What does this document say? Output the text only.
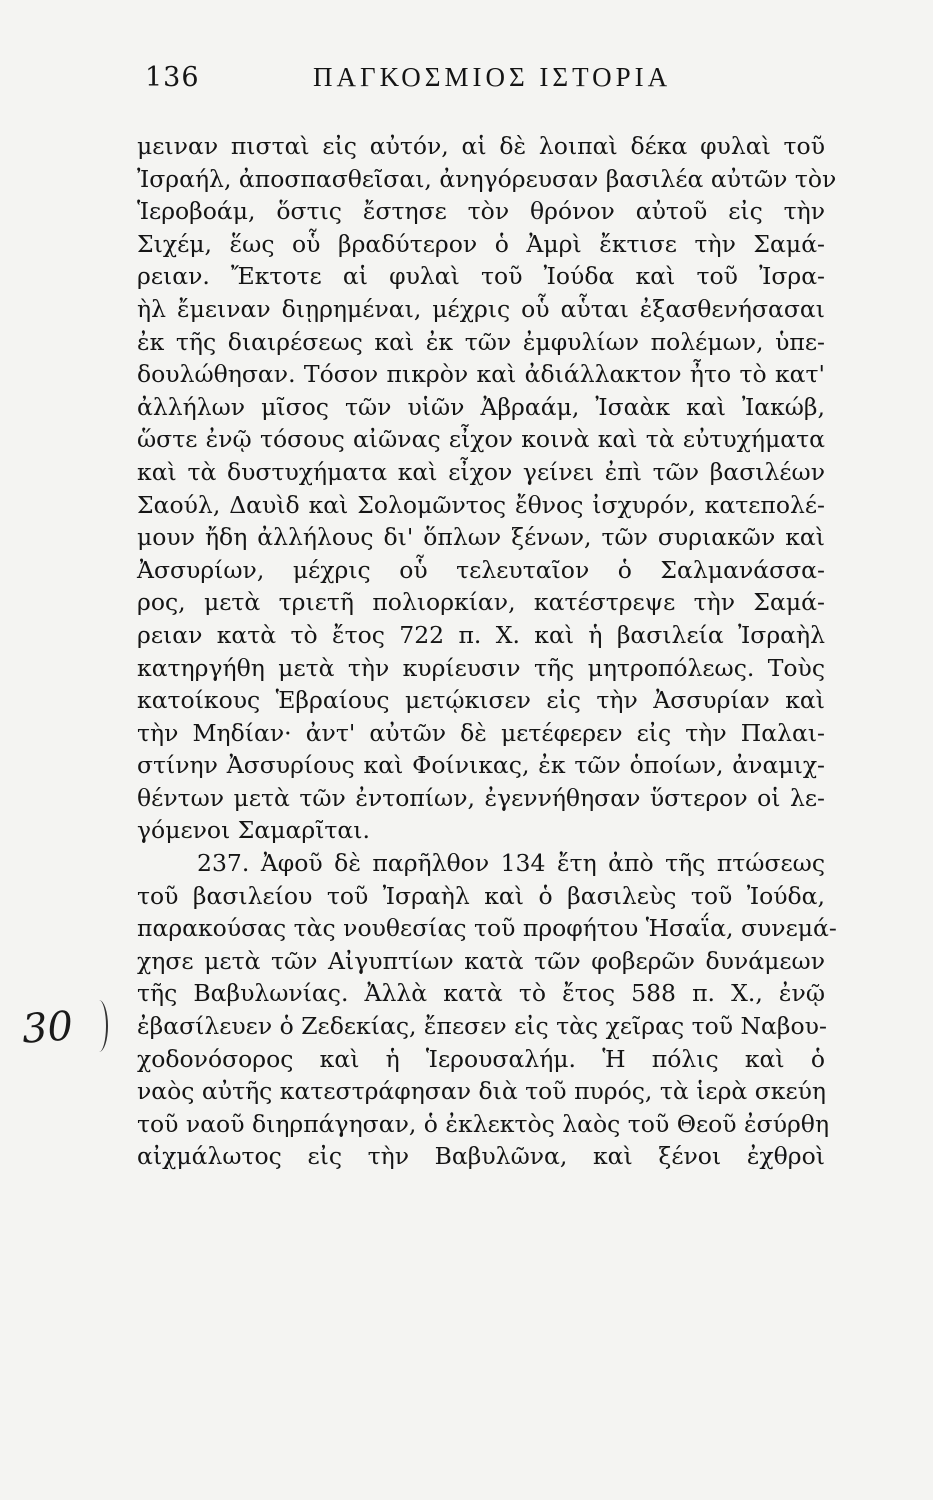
136	ΠΑΓΚΟΣΜΙΟΣ ΙΣΤΟΡΙΑ
30
μειναν πισταὶ εἰς αὐτόν, αἱ δὲ λοιπαὶ δέκα φυλαὶ τοῦ
Ἰσραήλ, ἀποσπασθεῖσαι, ἀνηγόρευσαν βασιλέα αὐτῶν τὸν
Ἱεροβοάμ, ὅστις ἔστησε τὸν θρόνον αὐτοῦ εἰς τὴν
Σιχέμ, ἕως οὗ βραδύτερον ὁ Ἀμρὶ ἔκτισε τὴν Σαμά-
ρειαν. Ἔκτοτε αἱ φυλαὶ τοῦ Ἰούδα καὶ τοῦ Ἰσρα-
ὴλ ἔμειναν διῃρημέναι, μέχρις οὗ αὗται ἐξασθενήσασαι
ἐκ τῆς διαιρέσεως καὶ ἐκ τῶν ἐμφυλίων πολέμων, ὑπε-
δουλώθησαν. Τόσον πικρὸν καὶ ἀδιάλλακτον ἦτο τὸ κατ'
ἀλλήλων μῖσος τῶν υἱῶν Ἀβραάμ, Ἰσαὰκ καὶ Ἰακώβ,
ὥστε ἐνῷ τόσους αἰῶνας εἶχον κοινὰ καὶ τὰ εὐτυχήματα
καὶ τὰ δυστυχήματα καὶ εἶχον γείνει ἐπὶ τῶν βασιλέων
Σαούλ, Δαυὶδ καὶ Σολομῶντος ἔθνος ἰσχυρόν, κατεπολέ-
μουν ἤδη ἀλλήλους δι' ὅπλων ξένων, τῶν συριακῶν καὶ
Ἀσσυρίων, μέχρις οὗ τελευταῖον ὁ Σαλμανάσσα-
ρος, μετὰ τριετῆ πολιορκίαν, κατέστρεψε τὴν Σαμά-
ρειαν κατὰ τὸ ἔτος 722 π. Χ. καὶ ἡ βασιλεία Ἰσραὴλ
κατηργήθη μετὰ τὴν κυρίευσιν τῆς μητροπόλεως. Τοὺς
κατοίκους Ἑβραίους μετῴκισεν εἰς τὴν Ἀσσυρίαν καὶ
τὴν Μηδίαν· ἀντ' αὐτῶν δὲ μετέφερεν εἰς τὴν Παλαι-
στίνην Ἀσσυρίους καὶ Φοίνικας, ἐκ τῶν ὁποίων, ἀναμιχ-
θέντων μετὰ τῶν ἐντοπίων, ἐγεννήθησαν ὕστερον οἱ λε-
γόμενοι Σαμαρῖται.
237. Ἀφοῦ δὲ παρῆλθον 134 ἔτη ἀπὸ τῆς πτώσεως
τοῦ βασιλείου τοῦ Ἰσραὴλ καὶ ὁ βασιλεὺς τοῦ Ἰούδα,
παρακούσας τὰς νουθεσίας τοῦ προφήτου Ἡσαΐα, συνεμά-
χησε μετὰ τῶν Αἰγυπτίων κατὰ τῶν φοβερῶν δυνάμεων
τῆς Βαβυλωνίας. Ἀλλὰ κατὰ τὸ ἔτος 588 π. Χ., ἐνῷ
ἐβασίλευεν ὁ Ζεδεκίας, ἔπεσεν εἰς τὰς χεῖρας τοῦ Ναβου-
χοδονόσορος καὶ ἡ Ἱερουσαλήμ. Ἡ πόλις καὶ ὁ
ναὸς αὐτῆς κατεστράφησαν διὰ τοῦ πυρός, τὰ ἱερὰ σκεύη
τοῦ ναοῦ διηρπάγησαν, ὁ ἐκλεκτὸς λαὸς τοῦ Θεοῦ ἐσύρθη
αἰχμάλωτος εἰς τὴν Βαβυλῶνα, καὶ ξένοι ἐχθροὶ
